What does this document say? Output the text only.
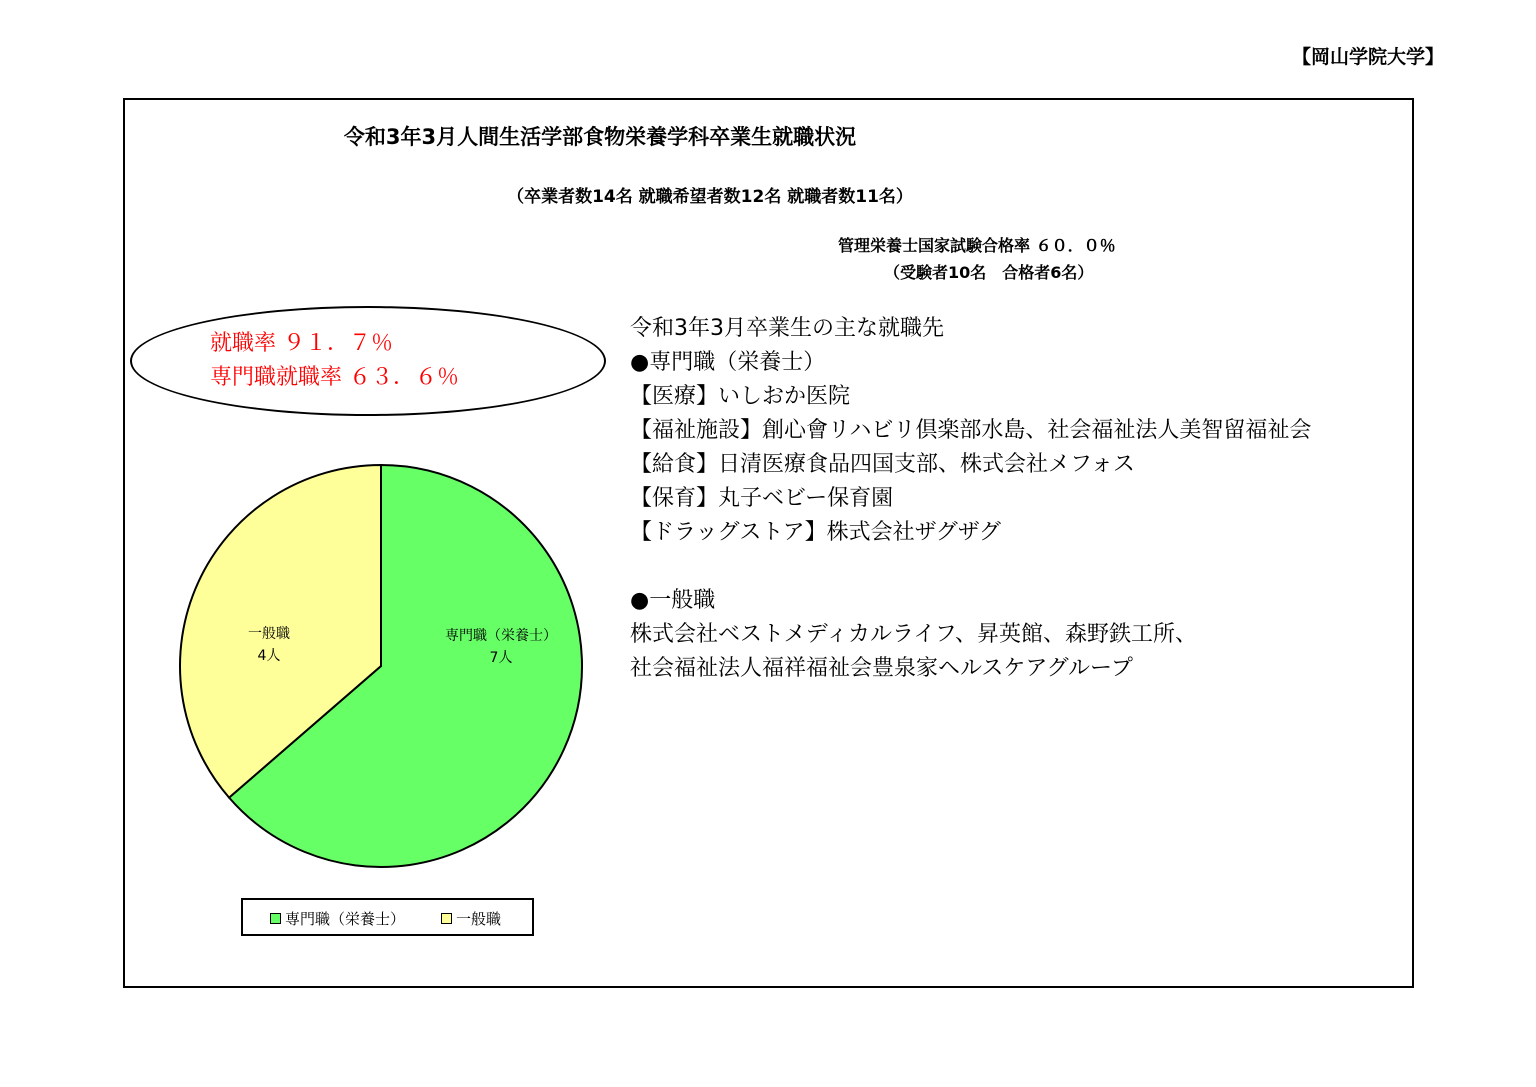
【岡山学院大学】
令和3年3月人間生活学部食物栄養学科卒業生就職状況
（卒業者数14名 就職希望者数12名 就職者数11名）
管理栄養士国家試験合格率 ６０．０％
（受験者10名　合格者6名）
就職率 ９１．７％
専門職就職率 ６３．６％
令和3年3月卒業生の主な就職先
●専門職（栄養士）
【医療】いしおか医院
【福祉施設】創心會リハビリ倶楽部水島、社会福祉法人美智留福祉会
【給食】日清医療食品四国支部、株式会社メフォス
【保育】丸子ベビー保育園
【ドラッグストア】株式会社ザグザグ
●一般職
株式会社ベストメディカルライフ、昇英館、森野鉄工所、
社会福祉法人福祥福祉会豊泉家ヘルスケアグループ
専門職（栄養士）
7人
一般職
4人
専門職（栄養士）	一般職
